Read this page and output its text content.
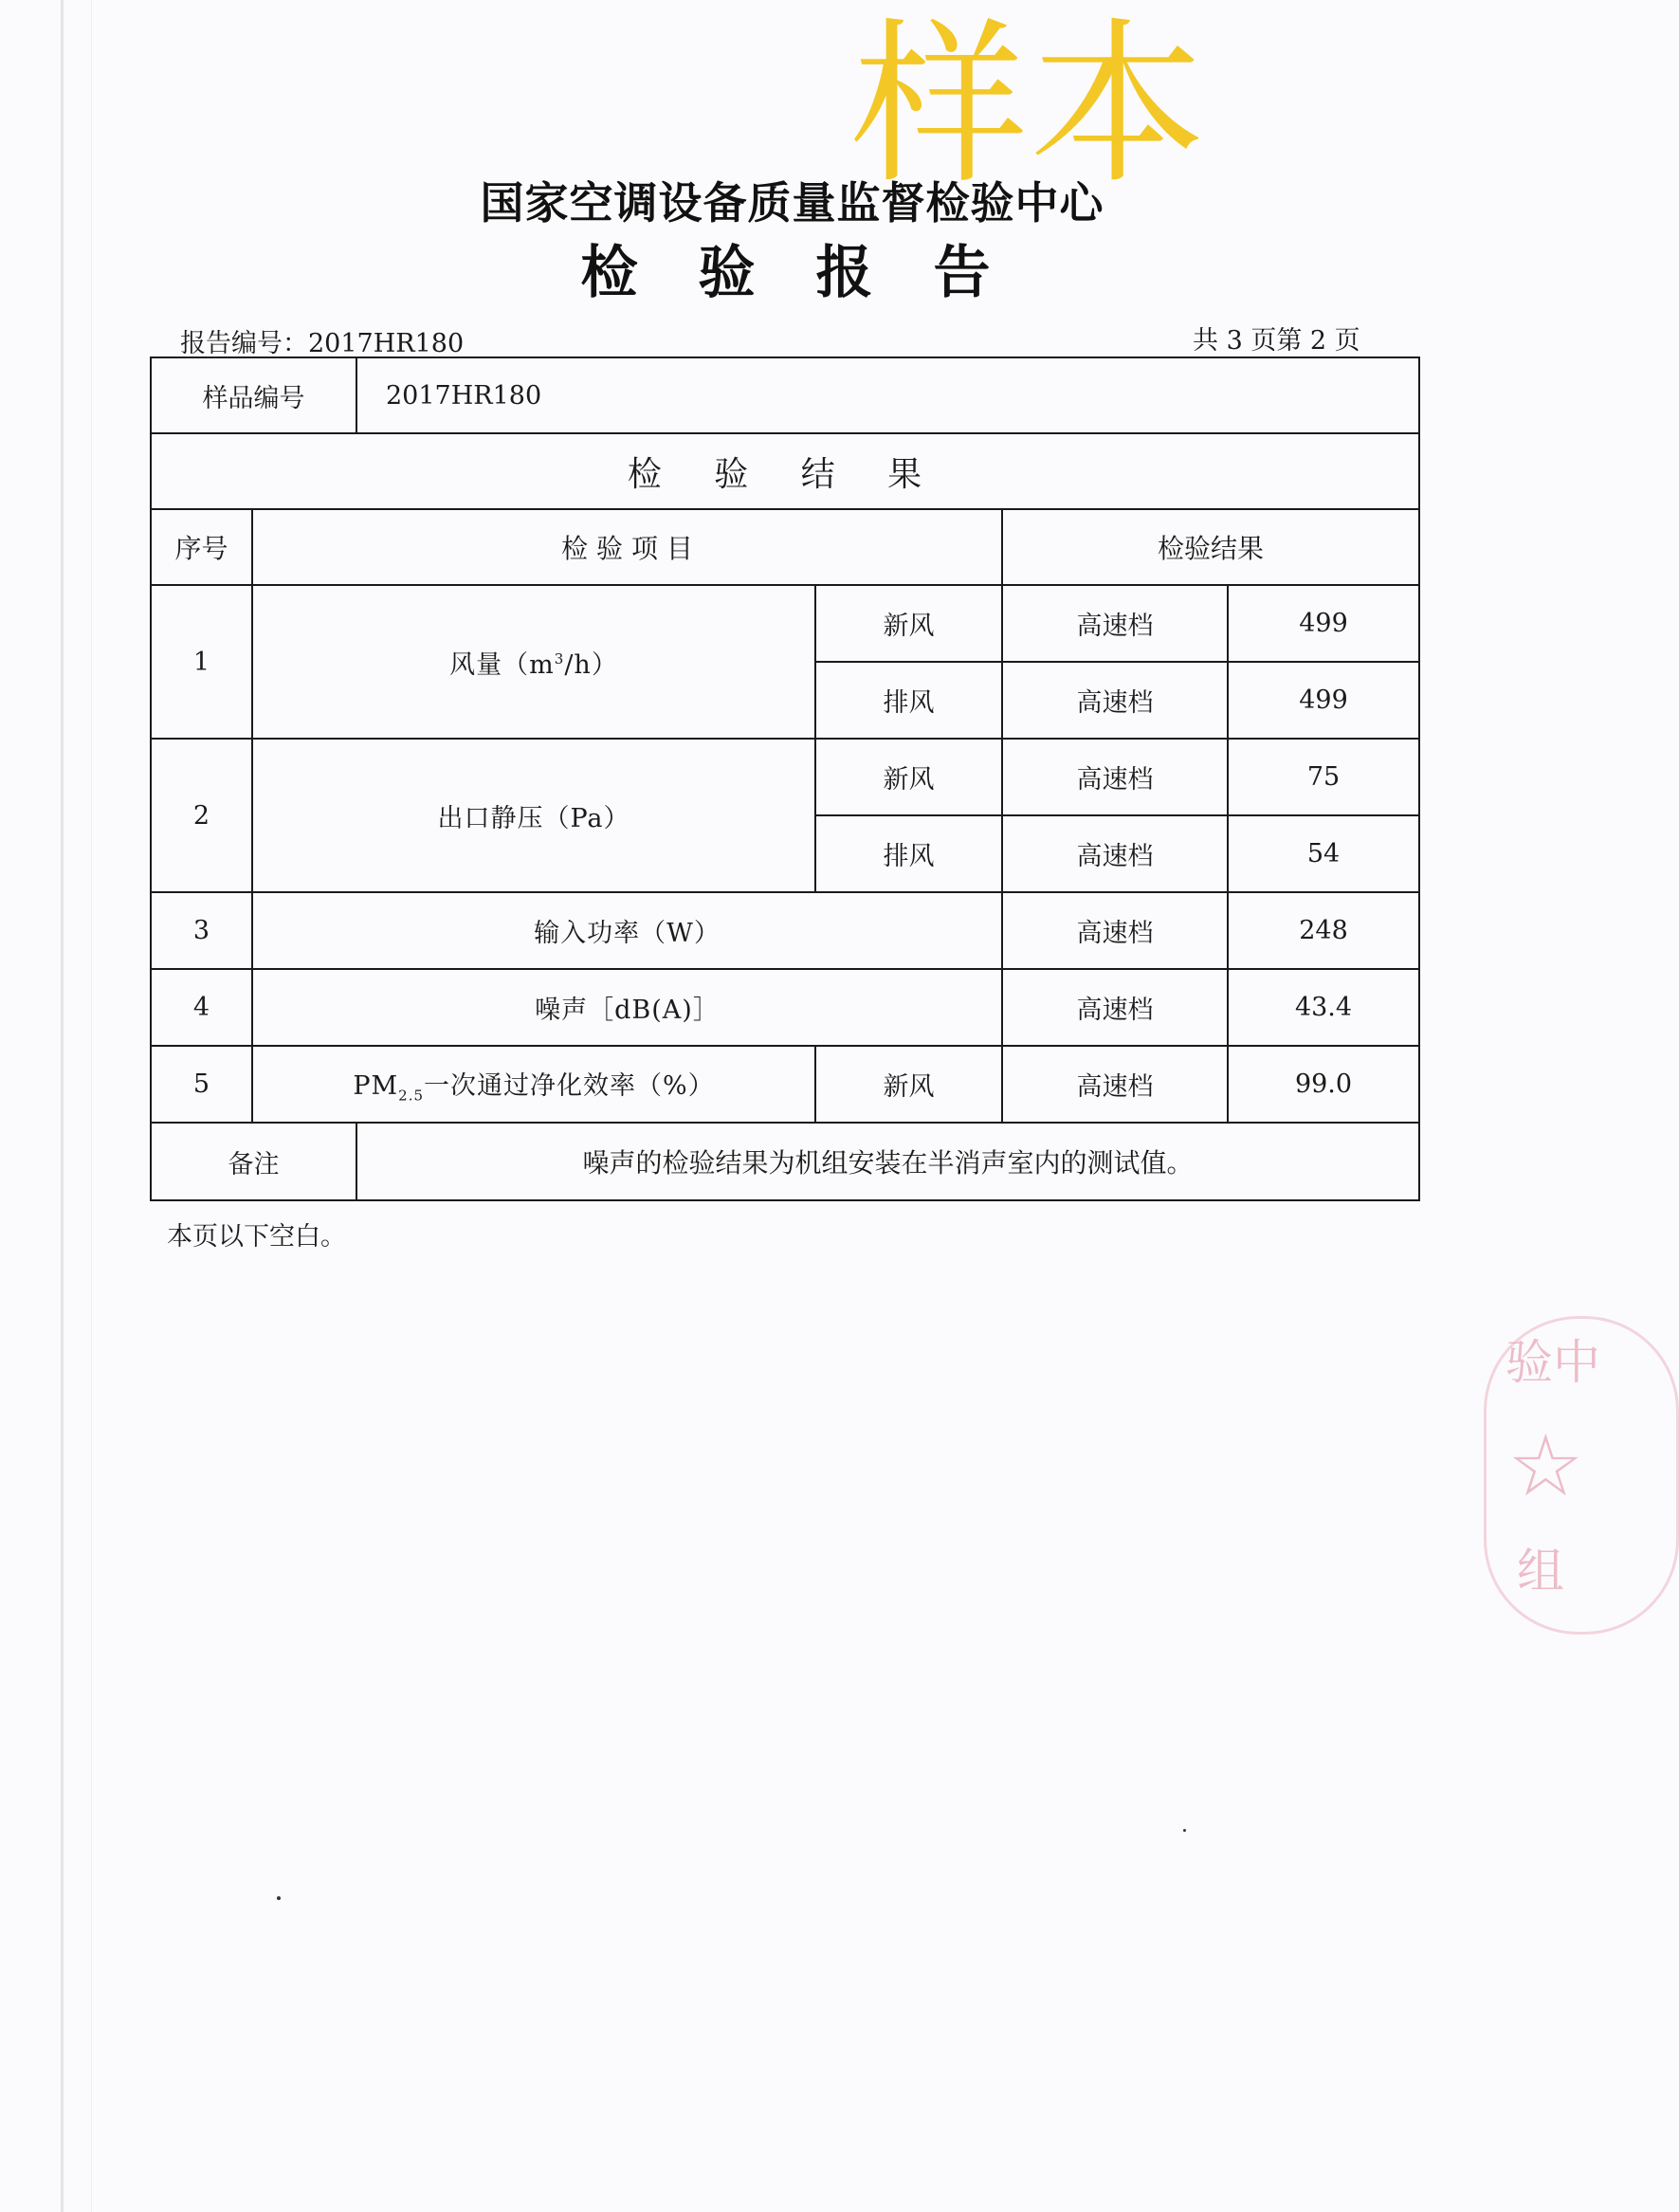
样本
国家空调设备质量监督检验中心
检验报告
报告编号：2017HR180	共 3 页第 2 页
样品编号		2017HR180			
检 验 结 果					
序号	检 验 项 目			检验结果	
1	风量$(m^3/h)$		新风	高速档	499
			排风	高速档	499
2	出口静压（Pa）		新风	高速档	75
			排风	高速档	54
3	输入功率（W）			高速档	248
4	噪声［dB(A)］			高速档	43.4
5	$PM_{2.5}$一次通过净化效率（%）		新风	高速档	99.0
备注		噪声的检验结果为机组安装在半消声室内的测试值。			
本页以下空白。
验中
☆
组
